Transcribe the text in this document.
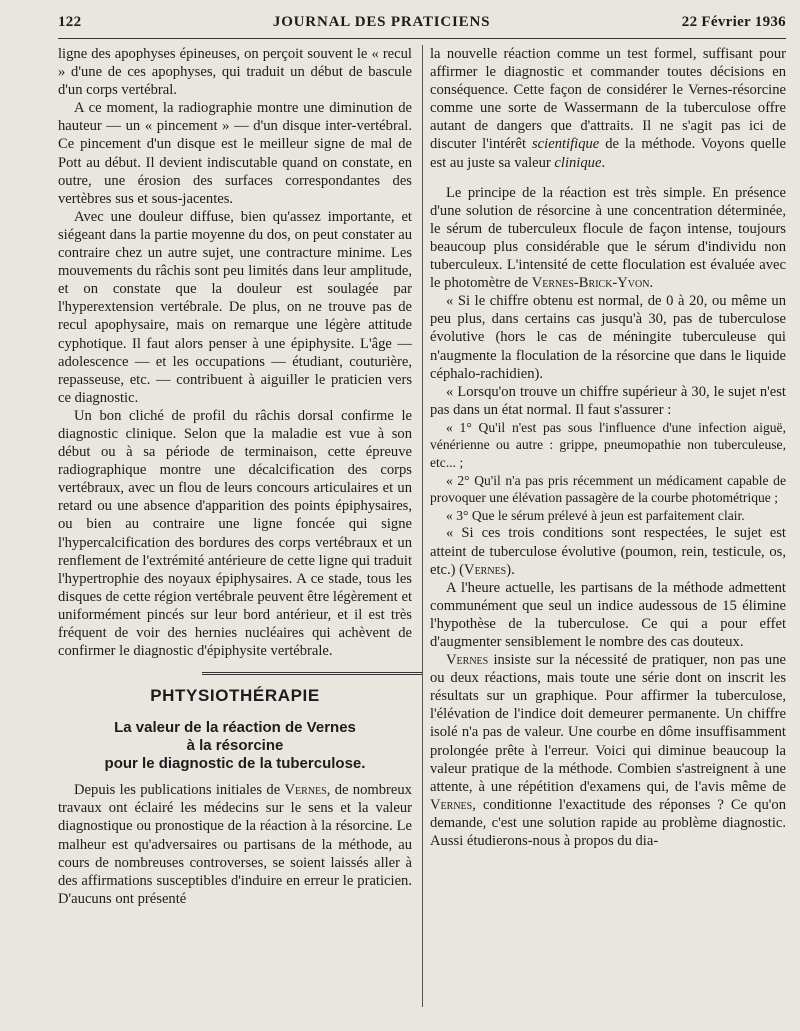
122	JOURNAL DES PRATICIENS	22 Février 1936

ligne des apophyses épineuses, on perçoit souvent le « recul » d'une de ces apophyses, qui traduit un début de bascule d'un corps vertébral.

A ce moment, la radiographie montre une diminution de hauteur — un « pincement » — d'un disque inter-vertébral. Ce pincement d'un disque est le meilleur signe de mal de Pott au début. Il devient indiscutable quand on constate, en outre, une érosion des surfaces correspondantes des vertèbres sus et sous-jacentes.

Avec une douleur diffuse, bien qu'assez importante, et siégeant dans la partie moyenne du dos, on peut constater au contraire chez un autre sujet, une contracture minime. Les mouvements du râchis sont peu limités dans leur amplitude, et on constate que la douleur est soulagée par l'hyperextension vertébrale. De plus, on ne trouve pas de recul apophysaire, mais on remarque une légère attitude cyphotique. Il faut alors penser à une épiphysite. L'âge — adolescence — et les occupations — étudiant, couturière, repasseuse, etc. — contribuent à aiguiller le praticien vers ce diagnostic.

Un bon cliché de profil du râchis dorsal confirme le diagnostic clinique. Selon que la maladie est vue à son début ou à sa période de terminaison, cette épreuve radiographique montre une décalcification des corps vertébraux, avec un flou de leurs concours articulaires et un retard ou une absence d'apparition des points épiphysaires, ou bien au contraire une ligne foncée qui signe l'hypercalcification des bordures des corps vertébraux et un renflement de l'extrémité antérieure de cette ligne qui traduit l'hypertrophie des noyaux épiphysaires. A ce stade, tous les disques de cette région vertébrale peuvent être légèrement et uniformément pincés sur leur bord antérieur, et il est très fréquent de voir des hernies nucléaires qui achèvent de confirmer le diagnostic d'épiphysite vertébrale.

PHTYSIOTHÉRAPIE
La valeur de la réaction de Vernes
à la résorcine
pour le diagnostic de la tuberculose.

Depuis les publications initiales de Vernes, de nombreux travaux ont éclairé les médecins sur le sens et la valeur diagnostique ou pronostique de la réaction à la résorcine. Le malheur est qu'adversaires ou partisans de la méthode, au cours de nombreuses controverses, se soient laissés aller à des affirmations susceptibles d'induire en erreur le praticien. D'aucuns ont présenté

la nouvelle réaction comme un test formel, suffisant pour affirmer le diagnostic et commander toutes décisions en conséquence. Cette façon de considérer le Vernes-résorcine comme une sorte de Wassermann de la tuberculose offre autant de dangers que d'attraits. Il ne s'agit pas ici de discuter l'intérêt scientifique de la méthode. Voyons quelle est au juste sa valeur clinique.

Le principe de la réaction est très simple. En présence d'une solution de résorcine à une concentration déterminée, le sérum de tuberculeux flocule de façon intense, toujours beaucoup plus considérable que le sérum d'individu non tuberculeux. L'intensité de cette floculation est évaluée avec le photomètre de Vernes-Brick-Yvon.

« Si le chiffre obtenu est normal, de 0 à 20, ou même un peu plus, dans certains cas jusqu'à 30, pas de tuberculose évolutive (hors le cas de méningite tuberculeuse qui n'augmente la floculation de la résorcine que dans le liquide céphalo-rachidien).

« Lorsqu'on trouve un chiffre supérieur à 30, le sujet n'est pas dans un état normal. Il faut s'assurer :

« 1° Qu'il n'est pas sous l'influence d'une infection aiguë, vénérienne ou autre : grippe, pneumopathie non tuberculeuse, etc... ;

« 2° Qu'il n'a pas pris récemment un médicament capable de provoquer une élévation passagère de la courbe photométrique ;

« 3° Que le sérum prélevé à jeun est parfaitement clair.

« Si ces trois conditions sont respectées, le sujet est atteint de tuberculose évolutive (poumon, rein, testicule, os, etc.) (Vernes).

A l'heure actuelle, les partisans de la méthode admettent communément que seul un indice audessous de 15 élimine l'hypothèse de la tuberculose. Ce qui a pour effet d'augmenter sensiblement le nombre des cas douteux.

Vernes insiste sur la nécessité de pratiquer, non pas une ou deux réactions, mais toute une série dont on inscrit les résultats sur un graphique. Pour affirmer la tuberculose, l'élévation de l'indice doit demeurer permanente. Un chiffre isolé n'a pas de valeur. Une courbe en dôme insuffisamment prolongée prête à l'erreur. Voici qui diminue beaucoup la valeur pratique de la méthode. Combien s'astreignent à une attente, à une répétition d'examens qui, de l'avis même de Vernes, conditionne l'exactitude des réponses ? Ce qu'on demande, c'est une solution rapide au problème diagnostic. Aussi étudierons-nous à propos du dia-
